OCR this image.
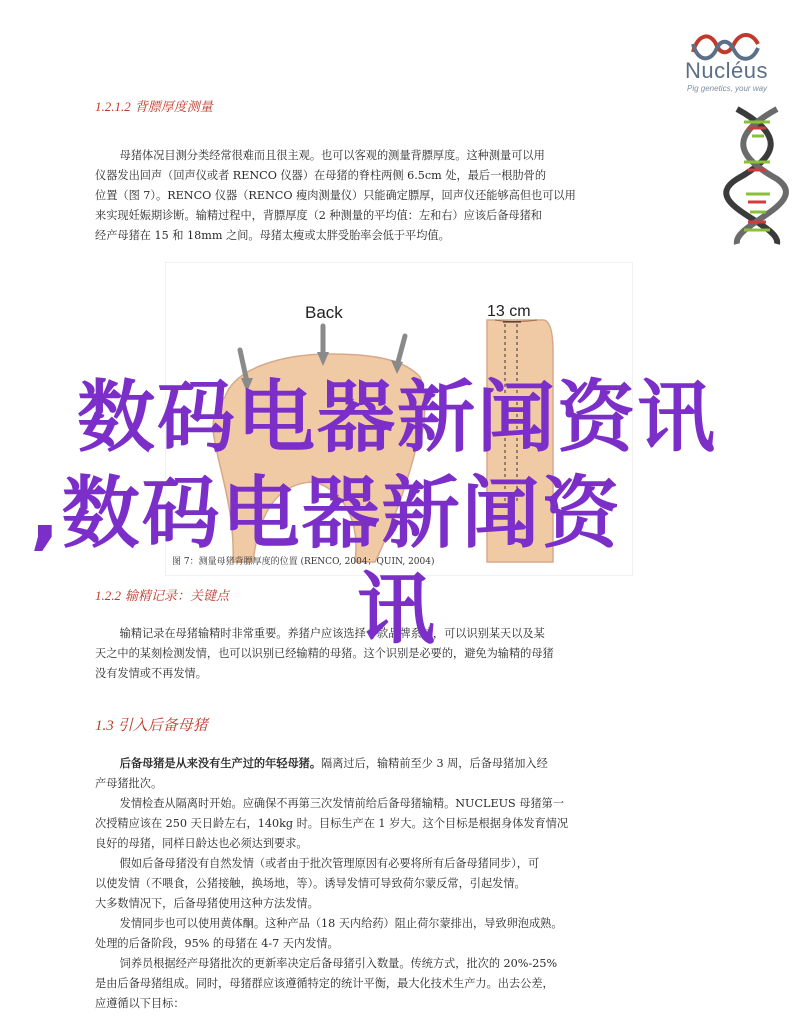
Nucléus
Pig genetics, your way
1.2.1.2 背膘厚度测量

母猪体况目测分类经常很难而且很主观。也可以客观的测量背膘厚度。这种测量可以用

仪器发出回声（回声仪或者 RENCO 仪器）在母猪的脊柱两侧 6.5cm 处，最后一根肋骨的

位置（图 7）。RENCO 仪器（RENCO 瘦肉测量仪）只能确定膘厚，回声仪还能够高但也可以用

来实现妊娠期诊断。输精过程中，背膘厚度（2 种测量的平均值：左和右）应该后备母猪和

经产母猪在 15 和 18mm 之间。母猪太瘦或太胖受胎率会低于平均值。

Back	13 cm
图 7：测量母猪背膘厚度的位置 (RENCO, 2004；QUIN, 2004)
1.2.2 输精记录：关键点

输精记录在母猪输精时非常重要。养猪户应该选择一款品牌系统，可以识别某天以及某

天之中的某刻检测发情，也可以识别已经输精的母猪。这个识别是必要的，避免为输精的母猪

没有发情或不再发情。

1.3 引入后备母猪

后备母猪是从来没有生产过的年轻母猪。隔离过后，输精前至少 3 周，后备母猪加入经

产母猪批次。

发情检查从隔离时开始。应确保不再第三次发情前给后备母猪输精。NUCLEUS 母猪第一

次授精应该在 250 天日龄左右，140kg 时。目标生产在 1 岁大。这个目标是根据身体发育情况

良好的母猪，同样日龄达也必须达到要求。

假如后备母猪没有自然发情（或者由于批次管理原因有必要将所有后备母猪同步），可

以使发情（不喂食，公猪接触，换场地，等）。诱导发情可导致荷尔蒙反常，引起发情。

大多数情况下，后备母猪使用这种方法发情。

发情同步也可以使用黄体酮。这种产品（18 天内给药）阻止荷尔蒙排出，导致卵泡成熟。

处理的后备阶段，95% 的母猪在 4-7 天内发情。

饲养员根据经产母猪批次的更新率决定后备母猪引入数量。传统方式，批次的 20%-25%

是由后备母猪组成。同时，母猪群应该遵循特定的统计平衡，最大化技术生产力。出去公差，

应遵循以下目标：

数码电器新闻资讯
,数码电器新闻资
讯
